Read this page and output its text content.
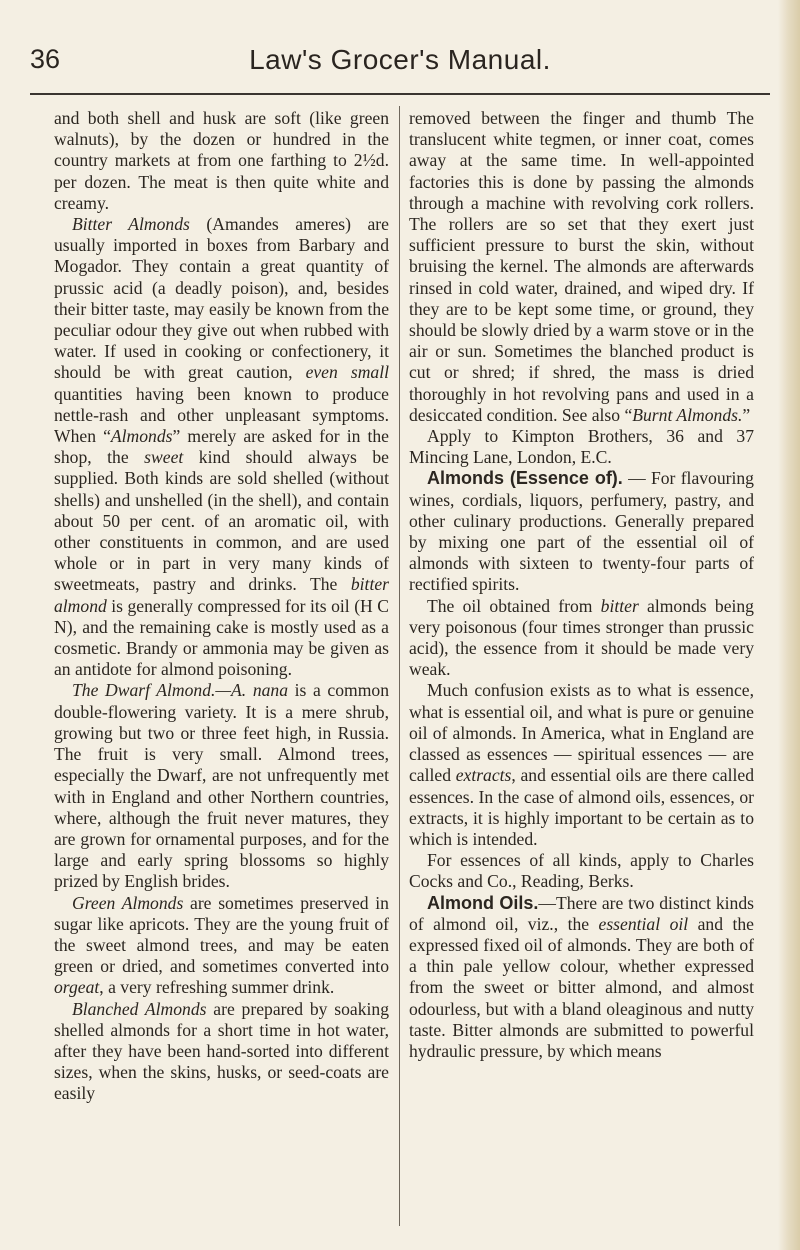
36	Law's Grocer's Manual.

and both shell and husk are soft (like green walnuts), by the dozen or hundred in the country markets at from one farthing to 2½d. per dozen. The meat is then quite white and creamy.

Bitter Almonds (Amandes ameres) are usually imported in boxes from Barbary and Mogador. They contain a great quantity of prussic acid (a deadly poison), and, besides their bitter taste, may easily be known from the peculiar odour they give out when rubbed with water. If used in cooking or confectionery, it should be with great caution, even small quantities having been known to produce nettle-rash and other unpleasant symptoms. When “Almonds” merely are asked for in the shop, the sweet kind should always be supplied. Both kinds are sold shelled (without shells) and unshelled (in the shell), and contain about 50 per cent. of an aromatic oil, with other constituents in common, and are used whole or in part in very many kinds of sweetmeats, pastry and drinks. The bitter almond is generally compressed for its oil (H C N), and the remaining cake is mostly used as a cosmetic. Brandy or ammonia may be given as an antidote for almond poisoning.

The Dwarf Almond.—A. nana is a common double-flowering variety. It is a mere shrub, growing but two or three feet high, in Russia. The fruit is very small. Almond trees, especially the Dwarf, are not unfrequently met with in England and other Northern countries, where, although the fruit never matures, they are grown for ornamental purposes, and for the large and early spring blossoms so highly prized by English brides.

Green Almonds are sometimes preserved in sugar like apricots. They are the young fruit of the sweet almond trees, and may be eaten green or dried, and sometimes converted into orgeat, a very refreshing summer drink.

Blanched Almonds are prepared by soaking shelled almonds for a short time in hot water, after they have been hand-sorted into different sizes, when the skins, husks, or seed-coats are easily

removed between the finger and thumb The translucent white tegmen, or inner coat, comes away at the same time. In well-appointed factories this is done by passing the almonds through a machine with revolving cork rollers. The rollers are so set that they exert just sufficient pressure to burst the skin, without bruising the kernel. The almonds are afterwards rinsed in cold water, drained, and wiped dry. If they are to be kept some time, or ground, they should be slowly dried by a warm stove or in the air or sun. Sometimes the blanched product is cut or shred; if shred, the mass is dried thoroughly in hot revolving pans and used in a desiccated condition. See also “Burnt Almonds.”

Apply to Kimpton Brothers, 36 and 37 Mincing Lane, London, E.C.

Almonds (Essence of). — For flavouring wines, cordials, liquors, perfumery, pastry, and other culinary productions. Generally prepared by mixing one part of the essential oil of almonds with sixteen to twenty-four parts of rectified spirits.

The oil obtained from bitter almonds being very poisonous (four times stronger than prussic acid), the essence from it should be made very weak.

Much confusion exists as to what is essence, what is essential oil, and what is pure or genuine oil of almonds. In America, what in England are classed as essences — spiritual essences — are called extracts, and essential oils are there called essences. In the case of almond oils, essences, or extracts, it is highly important to be certain as to which is intended.

For essences of all kinds, apply to Charles Cocks and Co., Reading, Berks.

Almond Oils.—There are two distinct kinds of almond oil, viz., the essential oil and the expressed fixed oil of almonds. They are both of a thin pale yellow colour, whether expressed from the sweet or bitter almond, and almost odourless, but with a bland oleaginous and nutty taste. Bitter almonds are submitted to powerful hydraulic pressure, by which means
